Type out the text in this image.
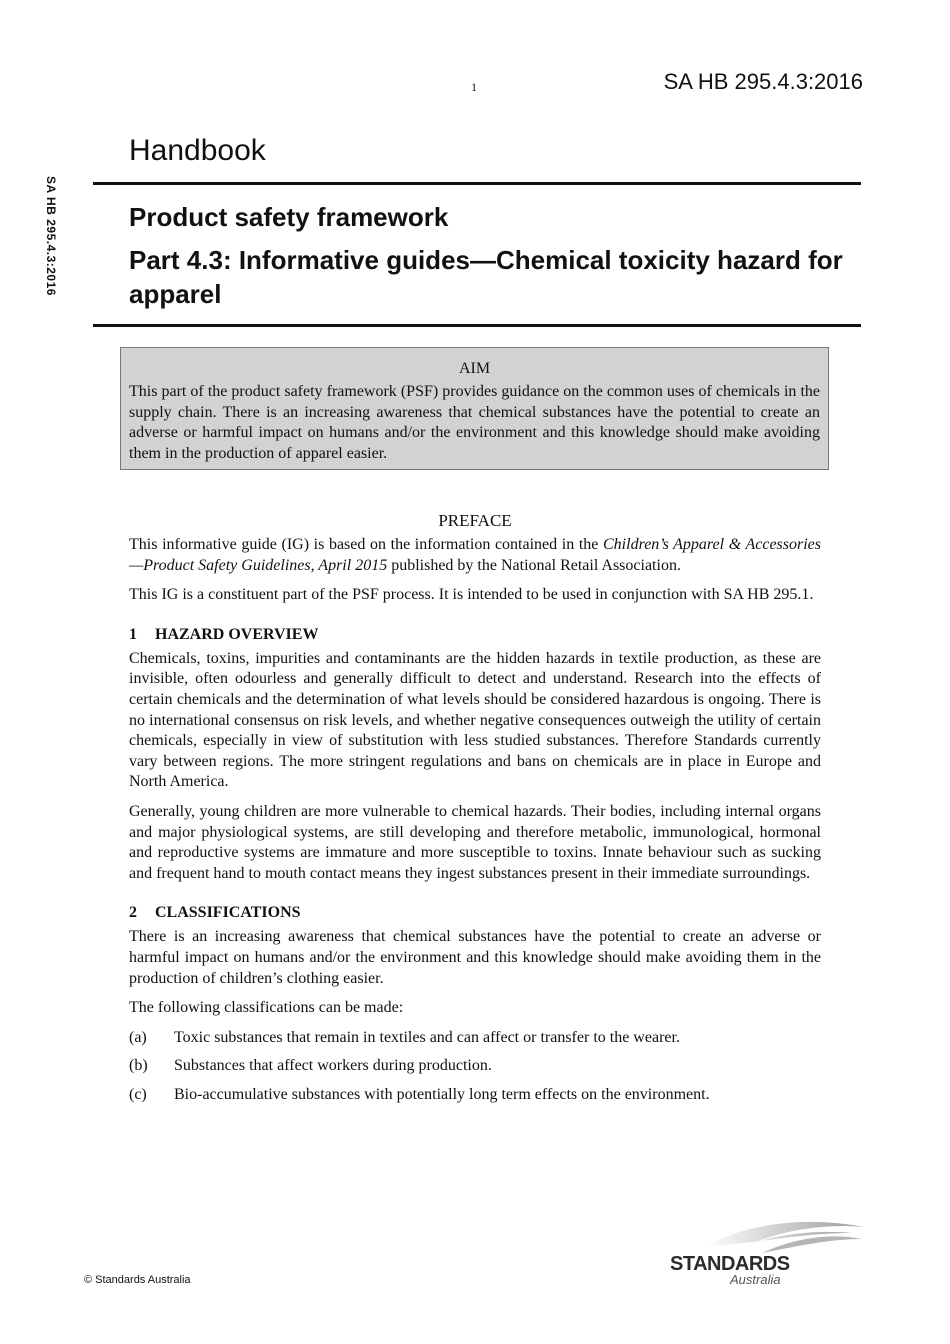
1	SA HB 295.4.3:2016
SA HB 295.4.3:2016
Handbook
Product safety framework
Part 4.3: Informative guides—Chemical toxicity hazard for apparel
AIM
This part of the product safety framework (PSF) provides guidance on the common uses of chemicals in the supply chain. There is an increasing awareness that chemical substances have the potential to create an adverse or harmful impact on humans and/or the environment and this knowledge should make avoiding them in the production of apparel easier.
PREFACE

This informative guide (IG) is based on the information contained in the Children’s Apparel & Accessories—Product Safety Guidelines, April 2015 published by the National Retail Association.

This IG is a constituent part of the PSF process. It is intended to be used in conjunction with SA HB 295.1.

1 HAZARD OVERVIEW

Chemicals, toxins, impurities and contaminants are the hidden hazards in textile production, as these are invisible, often odourless and generally difficult to detect and understand. Research into the effects of certain chemicals and the determination of what levels should be considered hazardous is ongoing. There is no international consensus on risk levels, and whether negative consequences outweigh the utility of certain chemicals, especially in view of substitution with less studied substances. Therefore Standards currently vary between regions. The more stringent regulations and bans on chemicals are in place in Europe and North America.

Generally, young children are more vulnerable to chemical hazards. Their bodies, including internal organs and major physiological systems, are still developing and therefore metabolic, immunological, hormonal and reproductive systems are immature and more susceptible to toxins. Innate behaviour such as sucking and frequent hand to mouth contact means they ingest substances present in their immediate surroundings.

2 CLASSIFICATIONS

There is an increasing awareness that chemical substances have the potential to create an adverse or harmful impact on humans and/or the environment and this knowledge should make avoiding them in the production of children’s clothing easier.

The following classifications can be made:

(a)	Toxic substances that remain in textiles and can affect or transfer to the wearer.
(b)	Substances that affect workers during production.
(c)	Bio-accumulative substances with potentially long term effects on the environment.
© Standards Australia
STANDARDS
Australia
